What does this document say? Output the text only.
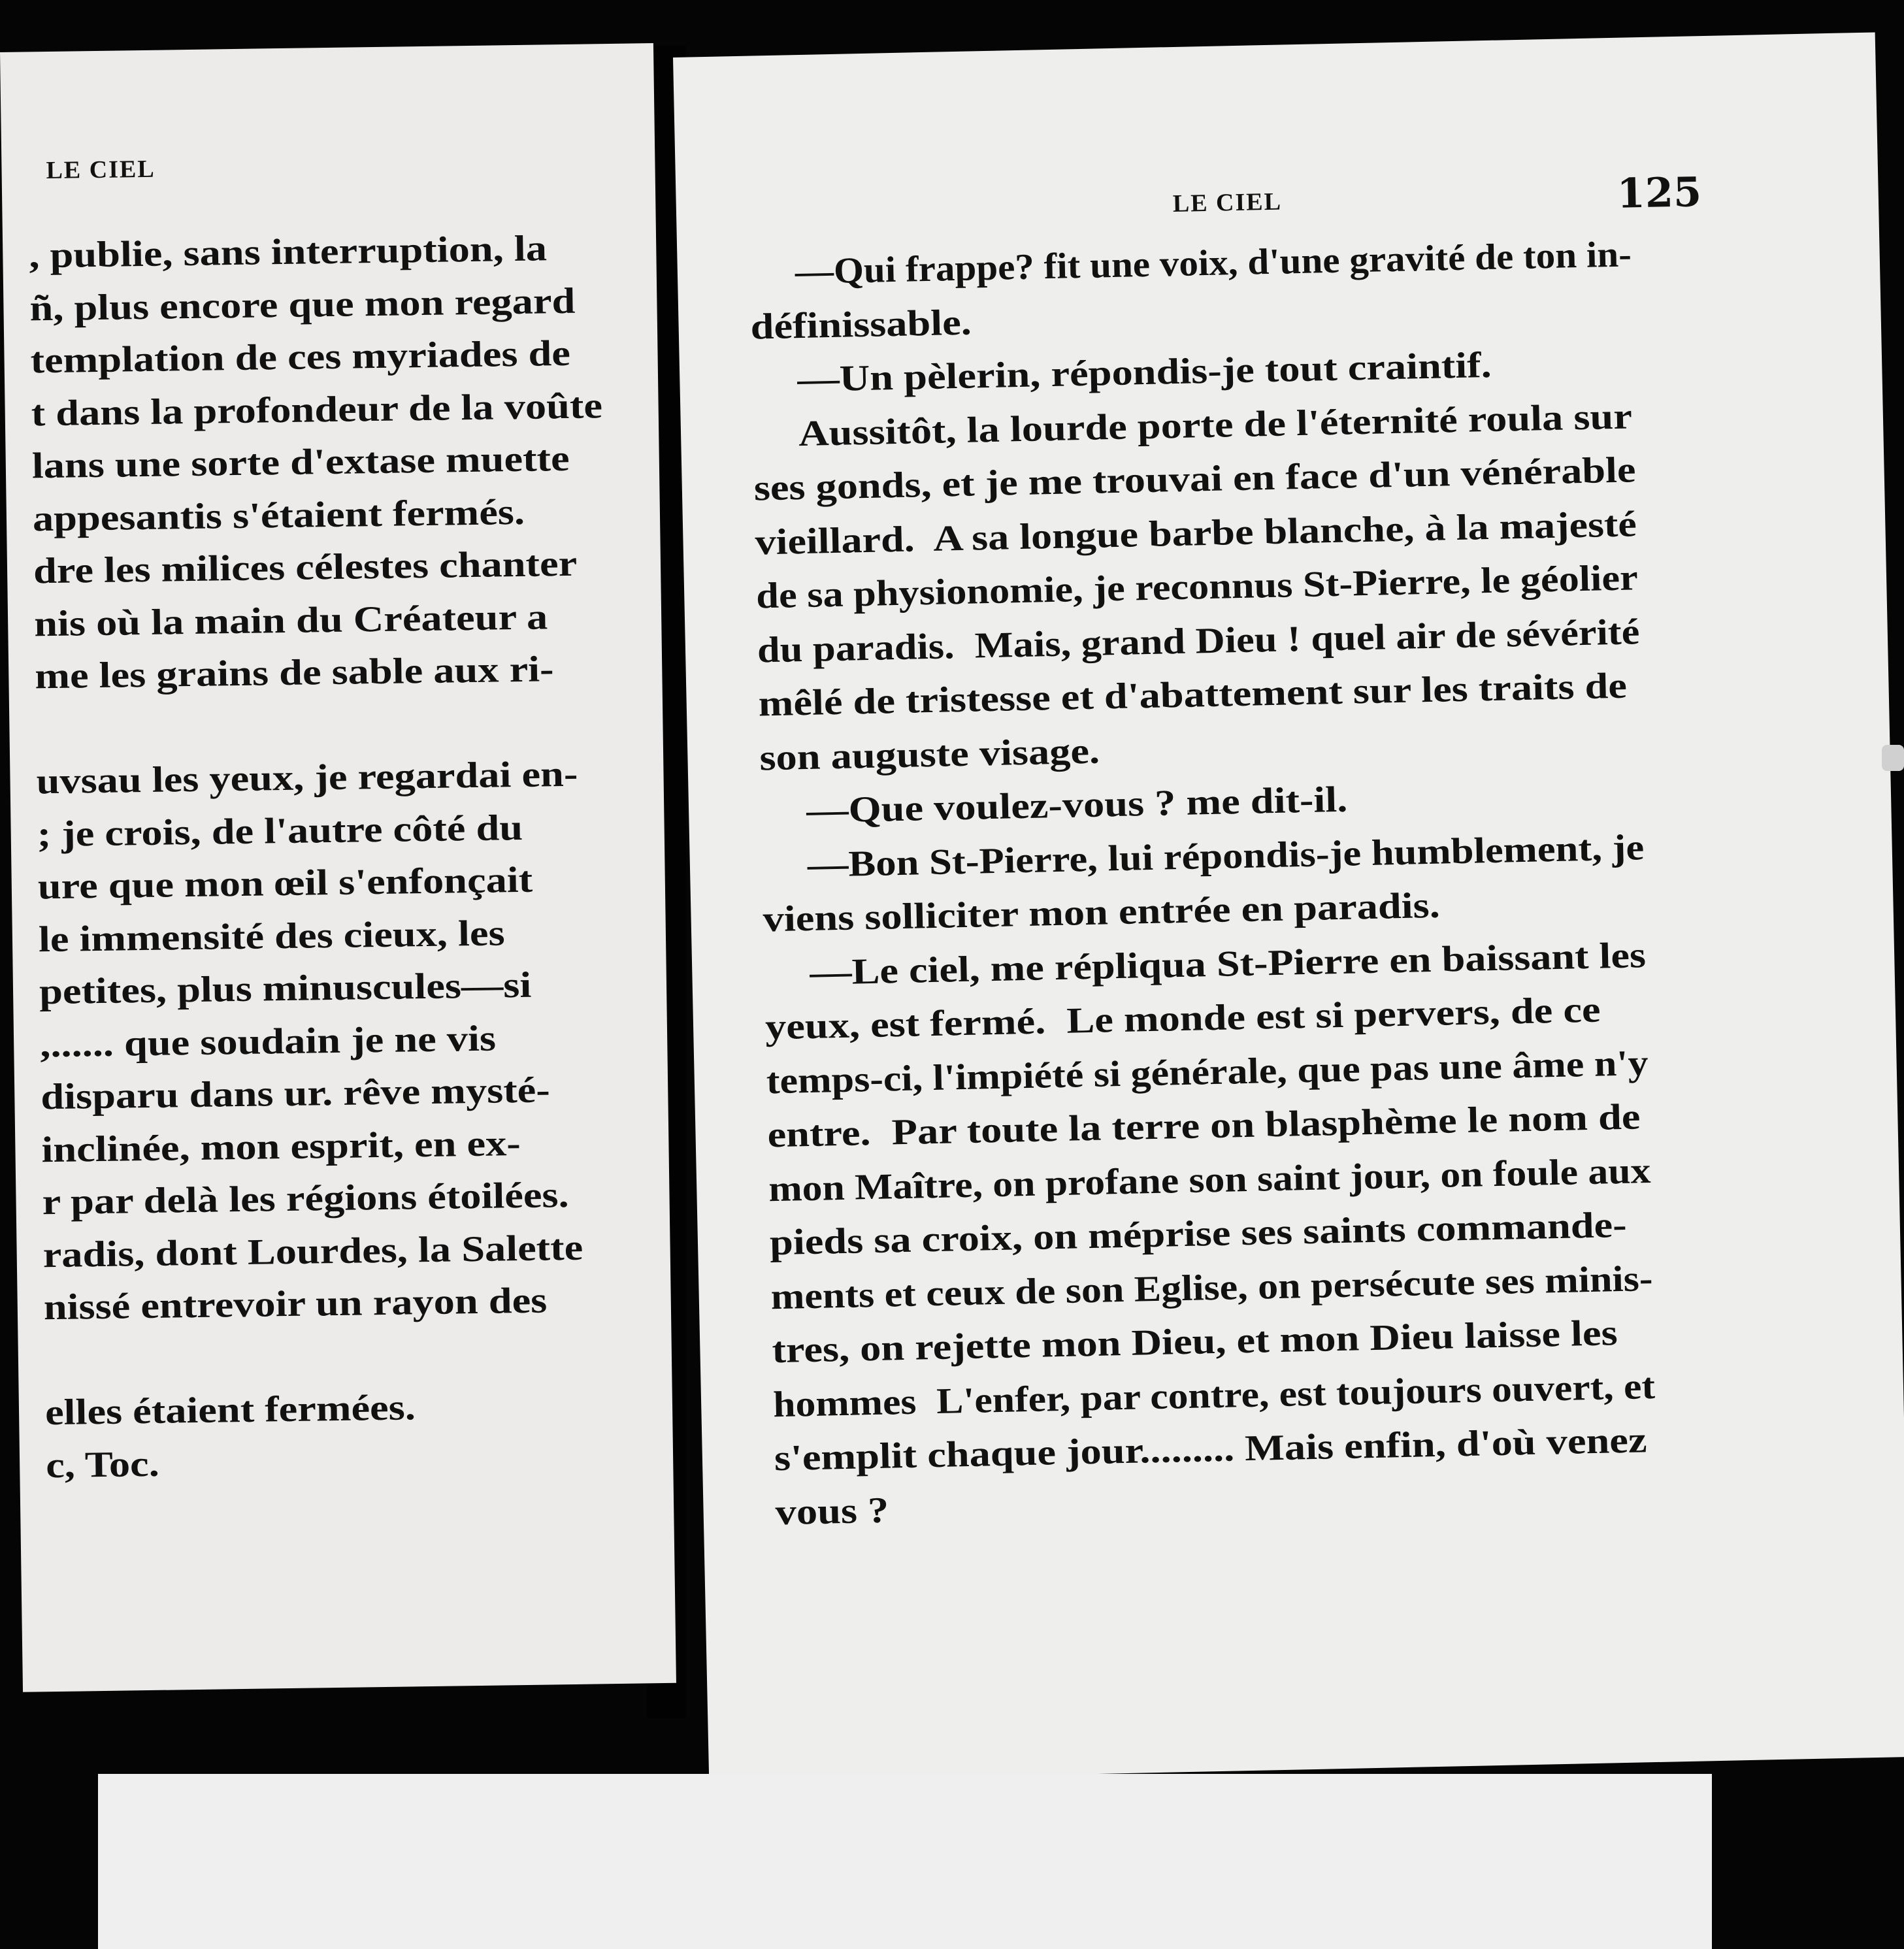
LE CIEL
, publie, sans interruption, la
ñ, plus encore que mon regard
templation de ces myriades de
t dans la profondeur de la voûte
lans une sorte d'extase muette
appesantis s'étaient fermés.
dre les milices célestes chanter
nis où la main du Créateur a
me les grains de sable aux ri-
uvsau les yeux, je regardai en-
; je crois, de l'autre côté du
ure que mon œil s'enfonçait
le immensité des cieux, les
petites, plus minuscules—si
,...... que soudain je ne vis
disparu dans ur. rêve mysté-
inclinée, mon esprit, en ex-
r par delà les régions étoilées.
radis, dont Lourdes, la Salette
nissé entrevoir un rayon des
elles étaient fermées.
c, Toc.
LE CIEL	125
—Qui frappe? fit une voix, d'une gravité de ton in-
définissable.
—Un pèlerin, répondis-je tout craintif.
Aussitôt, la lourde porte de l'éternité roula sur
ses gonds, et je me trouvai en face d'un vénérable
vieillard.  A sa longue barbe blanche, à la majesté
de sa physionomie, je reconnus St-Pierre, le géolier
du paradis.  Mais, grand Dieu ! quel air de sévérité
mêlé de tristesse et d'abattement sur les traits de
son auguste visage.
—Que voulez-vous ? me dit-il.
—Bon St-Pierre, lui répondis-je humblement, je
viens solliciter mon entrée en paradis.
—Le ciel, me répliqua St-Pierre en baissant les
yeux, est fermé.  Le monde est si pervers, de ce
temps-ci, l'impiété si générale, que pas une âme n'y
entre.  Par toute la terre on blasphème le nom de
mon Maître, on profane son saint jour, on foule aux
pieds sa croix, on méprise ses saints commande-
ments et ceux de son Eglise, on persécute ses minis-
tres, on rejette mon Dieu, et mon Dieu laisse les
hommes  L'enfer, par contre, est toujours ouvert, et
s'emplit chaque jour......... Mais enfin, d'où venez
vous ?
